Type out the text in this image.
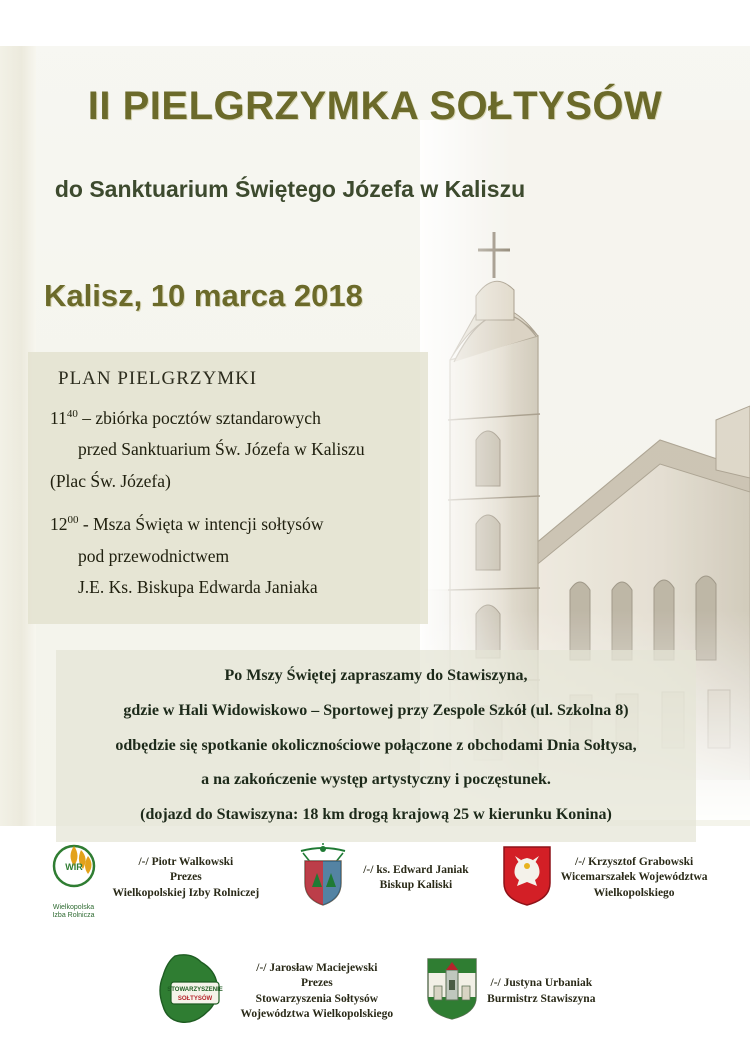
II PIELGRZYMKA SOŁTYSÓW
do Sanktuarium Świętego Józefa w Kaliszu
Kalisz, 10 marca 2018
PLAN PIELGRZYMKI
$11^{40}$ – zbiórka pocztów sztandarowych
przed Sanktuarium Św. Józefa w Kaliszu
(Plac Św. Józefa)
$12^{00}$ - Msza Święta w intencji sołtysów
pod przewodnictwem
J.E. Ks. Biskupa Edwarda Janiaka

Po Mszy Świętej zapraszamy do Stawiszyna,

gdzie w Hali Widowiskowo – Sportowej przy Zespole Szkół (ul. Szkolna 8)

odbędzie się spotkanie okolicznościowe połączone z obchodami Dnia Sołtysa,

a na zakończenie występ artystyczny i poczęstunek.

(dojazd do Stawiszyna: 18 km drogą krajową 25 w kierunku Konina)

WIR
Wielkopolska
Izba Rolnicza
/-/ Piotr Walkowski
Prezes
Wielkopolskiej Izby Rolniczej
/-/ ks. Edward Janiak
Biskup Kaliski
/-/ Krzysztof Grabowski
Wicemarszałek Województwa
Wielkopolskiego
STOWARZYSZENIE
SOŁTYSÓW
/-/ Jarosław Maciejewski
Prezes
Stowarzyszenia Sołtysów
Województwa Wielkopolskiego
/-/ Justyna Urbaniak
Burmistrz Stawiszyna
